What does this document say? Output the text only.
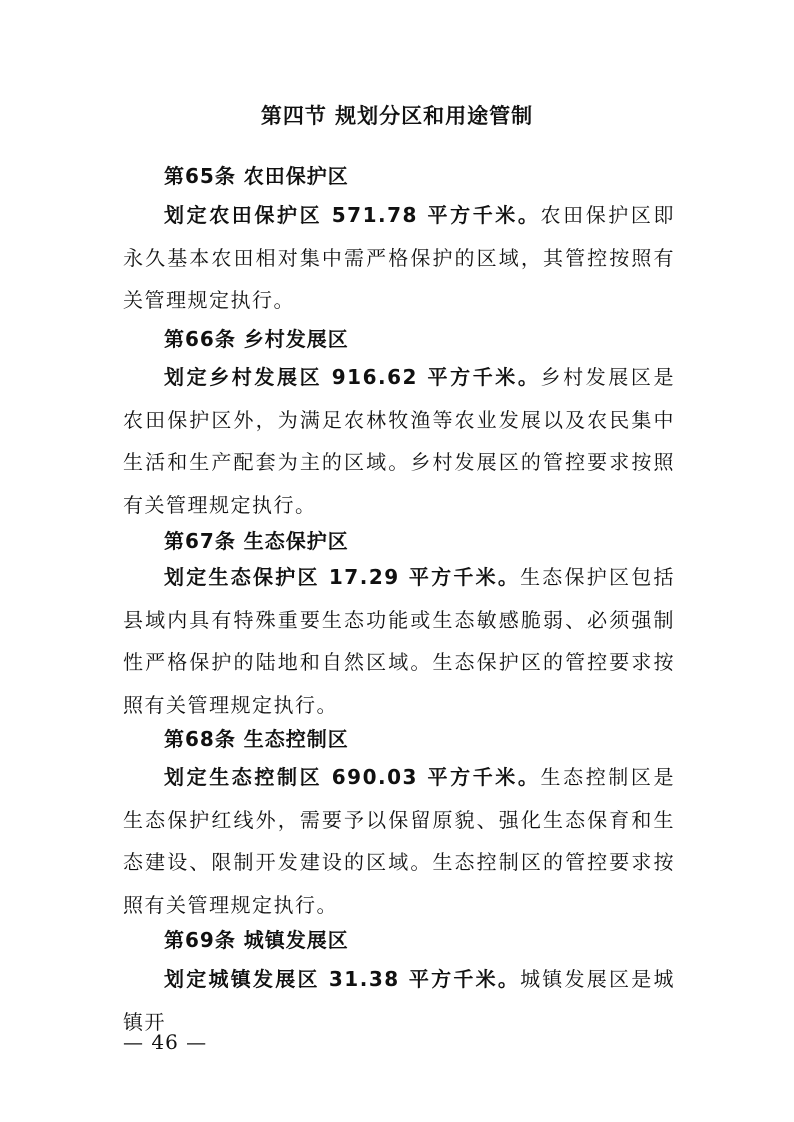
第四节 规划分区和用途管制
第65条 农田保护区
划定农田保护区 571.78 平方千米。农田保护区即永久基本农田相对集中需严格保护的区域，其管控按照有关管理规定执行。
第66条 乡村发展区
划定乡村发展区 916.62 平方千米。乡村发展区是农田保护区外，为满足农林牧渔等农业发展以及农民集中生活和生产配套为主的区域。乡村发展区的管控要求按照有关管理规定执行。
第67条 生态保护区
划定生态保护区 17.29 平方千米。生态保护区包括县域内具有特殊重要生态功能或生态敏感脆弱、必须强制性严格保护的陆地和自然区域。生态保护区的管控要求按照有关管理规定执行。
第68条 生态控制区
划定生态控制区 690.03 平方千米。生态控制区是生态保护红线外，需要予以保留原貌、强化生态保育和生态建设、限制开发建设的区域。生态控制区的管控要求按照有关管理规定执行。
第69条 城镇发展区
划定城镇发展区 31.38 平方千米。城镇发展区是城镇开
— 46 —
